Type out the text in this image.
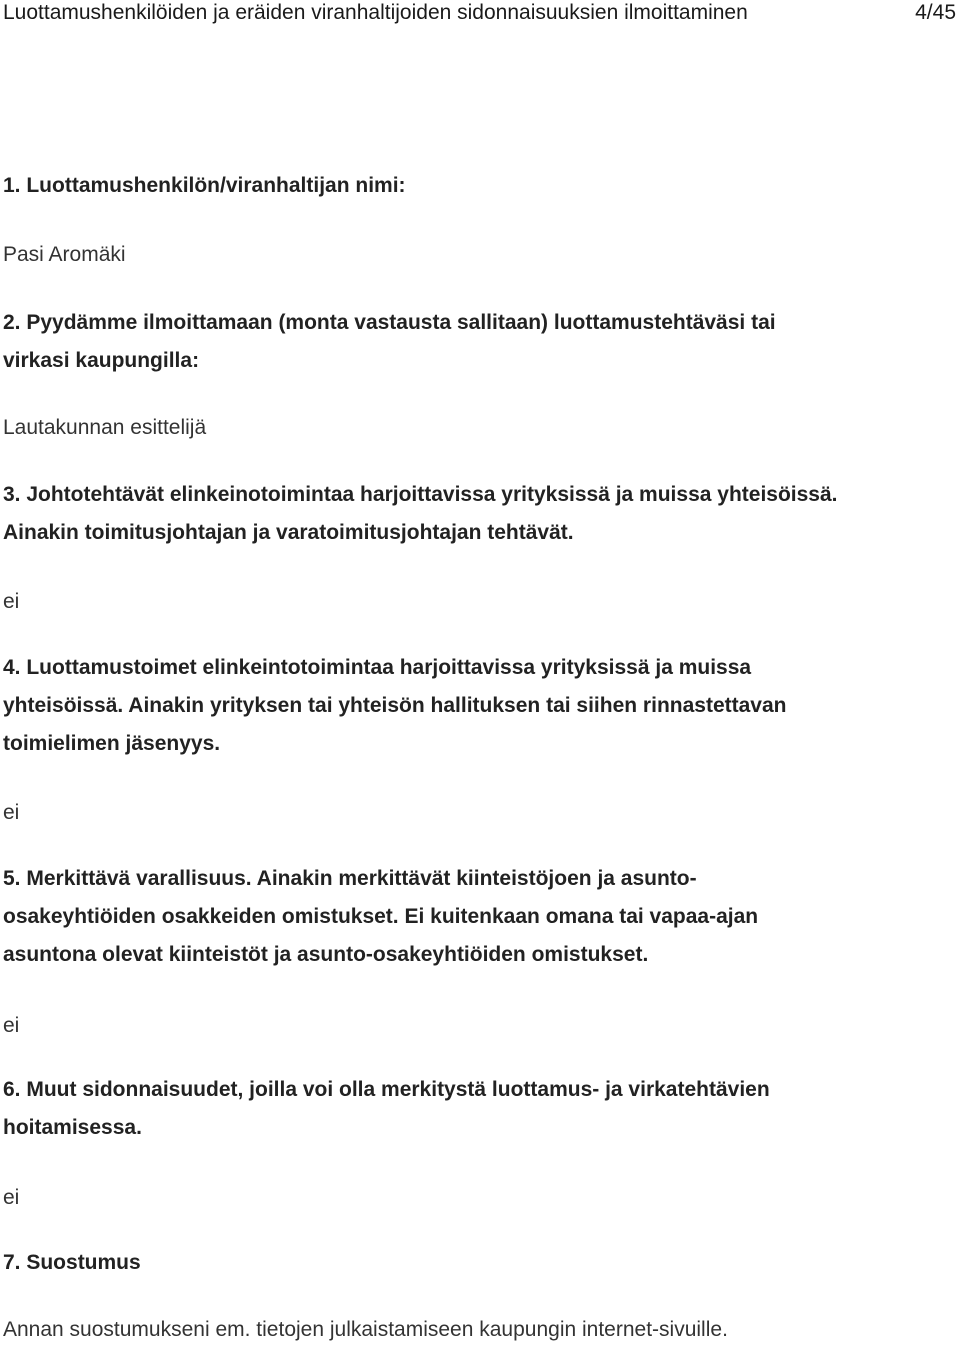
Luottamushenkilöiden ja eräiden viranhaltijoiden sidonnaisuuksien ilmoittaminen	4/45
1. Luottamushenkilön/viranhaltijan nimi:
Pasi Aromäki
2. Pyydämme ilmoittamaan (monta vastausta sallitaan) luottamustehtäväsi tai
virkasi kaupungilla:
Lautakunnan esittelijä
3. Johtotehtävät elinkeinotoimintaa harjoittavissa yrityksissä ja muissa yhteisöissä.
Ainakin toimitusjohtajan ja varatoimitusjohtajan tehtävät.
ei
4. Luottamustoimet elinkeintotoimintaa harjoittavissa yrityksissä ja muissa
yhteisöissä. Ainakin yrityksen tai yhteisön hallituksen tai siihen rinnastettavan
toimielimen jäsenyys.
ei
5. Merkittävä varallisuus. Ainakin merkittävät kiinteistöjoen ja asunto-
osakeyhtiöiden osakkeiden omistukset. Ei kuitenkaan omana tai vapaa-ajan
asuntona olevat kiinteistöt ja asunto-osakeyhtiöiden omistukset.
ei
6. Muut sidonnaisuudet, joilla voi olla merkitystä luottamus- ja virkatehtävien
hoitamisessa.
ei
7. Suostumus
Annan suostumukseni em. tietojen julkaistamiseen kaupungin internet-sivuille.
